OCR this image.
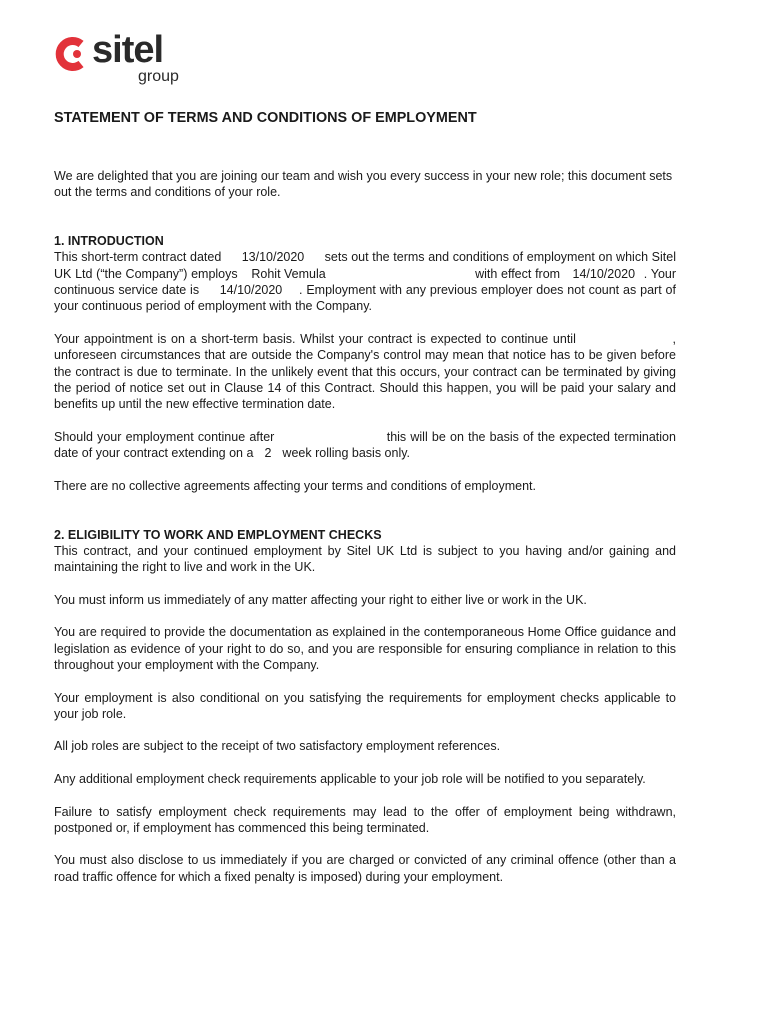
sitel
group
STATEMENT OF TERMS AND CONDITIONS OF EMPLOYMENT

We are delighted that you are joining our team and wish you every success in your new role; this document sets out the terms and conditions of your role.

1. INTRODUCTION

This short-term contract dated 13/10/2020 sets out the terms and conditions of employment on which Sitel UK Ltd (“the Company”) employs Rohit Vemula	with effect from 14/10/2020 . Your continuous service date is 14/10/2020 . Employment with any previous employer does not count as part of your continuous period of employment with the Company.

Your appointment is on a short-term basis. Whilst your contract is expected to continue until	, unforeseen circumstances that are outside the Company's control may mean that notice has to be given before the contract is due to terminate. In the unlikely event that this occurs, your contract can be terminated by giving the period of notice set out in Clause 14 of this Contract. Should this happen, you will be paid your salary and benefits up until the new effective termination date.

Should your employment continue after	this will be on the basis of the expected termination date of your contract extending on a 2 week rolling basis only.

There are no collective agreements affecting your terms and conditions of employment.

2. ELIGIBILITY TO WORK AND EMPLOYMENT CHECKS

This contract, and your continued employment by Sitel UK Ltd is subject to you having and/or gaining and maintaining the right to live and work in the UK.

You must inform us immediately of any matter affecting your right to either live or work in the UK.

You are required to provide the documentation as explained in the contemporaneous Home Office guidance and legislation as evidence of your right to do so, and you are responsible for ensuring compliance in relation to this throughout your employment with the Company.

Your employment is also conditional on you satisfying the requirements for employment checks applicable to your job role.

All job roles are subject to the receipt of two satisfactory employment references.

Any additional employment check requirements applicable to your job role will be notified to you separately.

Failure to satisfy employment check requirements may lead to the offer of employment being withdrawn, postponed or, if employment has commenced this being terminated.

You must also disclose to us immediately if you are charged or convicted of any criminal offence (other than a road traffic offence for which a fixed penalty is imposed) during your employment.
